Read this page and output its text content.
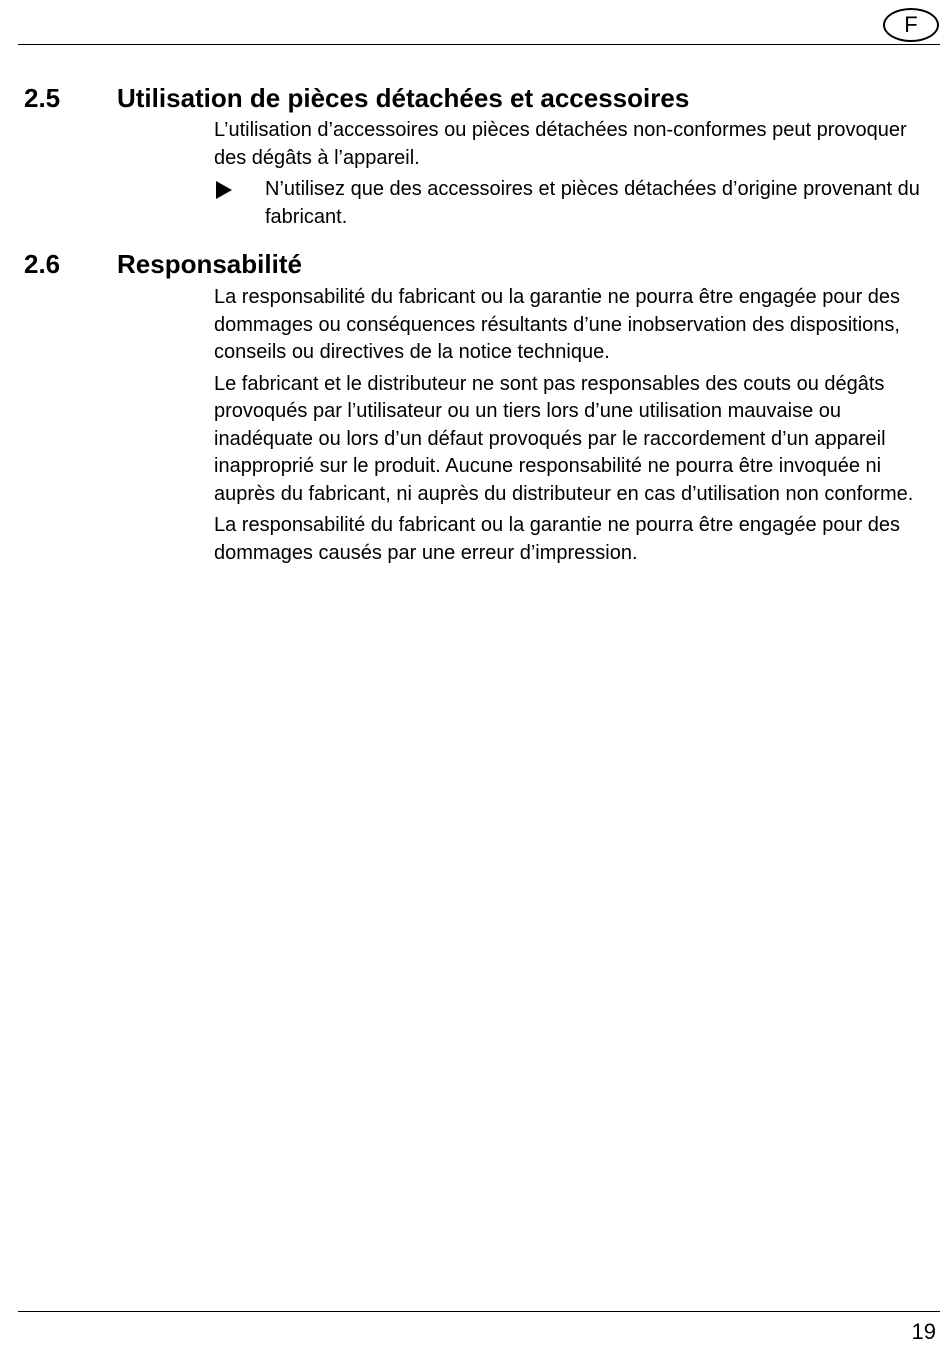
F
2.5 Utilisation de pièces détachées et accessoires

L’utilisation d’accessoires ou pièces détachées non-conformes peut provoquer des dégâts à l’appareil.

N’utilisez que des accessoires et pièces détachées d’origine provenant du fabricant.
2.6 Responsabilité

La responsabilité du fabricant ou la garantie ne pourra être engagée pour des dommages ou conséquences résultants d’une inobservation des dispositions, conseils ou directives de la notice technique.

Le fabricant et le distributeur ne sont pas responsables des couts ou dégâts provoqués par l’utilisateur ou un tiers lors d’une utilisation mauvaise ou inadéquate ou lors d’un défaut provoqués par le raccordement d’un appareil inapproprié sur le produit. Aucune responsabilité ne pourra être invoquée ni auprès du fabricant, ni auprès du distributeur en cas d’utilisation non conforme.

La responsabilité du fabricant ou la garantie ne pourra être engagée pour des dommages causés par une erreur d’impression.

19
